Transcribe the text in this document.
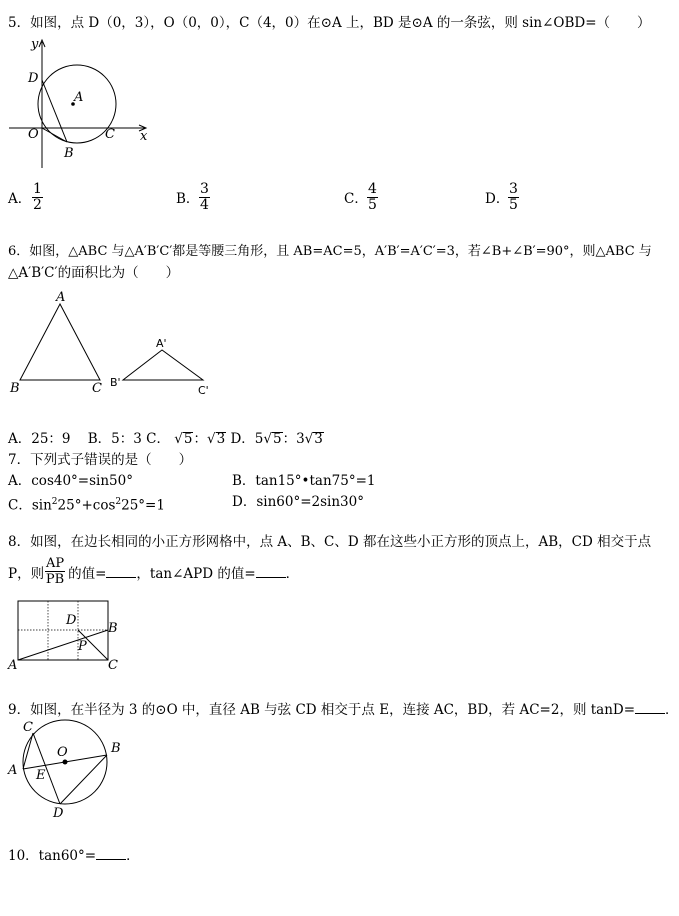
5．如图，点 D（0，3），O（0，0），C（4，0）在⊙A 上，BD 是⊙A 的一条弦，则 sin∠OBD=（　　）
y
D
A
O	C x
B
A． $\frac{1}{2}$	B． $\frac{3}{4}$	C． $\frac{4}{5}$	D．
$\frac{3}{5}$
6．如图，△ABC 与△A′B′C′都是等腰三角形，且 AB=AC=5，A′B′=A′C′=3，若∠B+∠B′=90°，则△ABC 与
△A′B′C′的面积比为（　　）
A
B	C
A'
B'
C'
A．25：9 B．5：3 C． √5：√3 D．5√5：3√3
7．下列式子错误的是（　　）
A．cos40°=sin50°	B．tan15°•tan75°=1
C．$\sin^225^\circ+\cos^225^\circ=1$	D．sin60°=2sin30°
8．如图，在边长相同的小正方形网格中，点 A、B、C、D 都在这些小正方形的顶点上，AB，CD 相交于点
P，则 的值= ，tan∠APD 的值= ．
$\frac{AP}{PB}$
D
B
P
A	C
9．如图，在半径为 3 的⊙O 中，直径 AB 与弦 CD 相交于点 E，连接 AC，BD，若 AC=2，则 tanD= ．
C
O	B
A E
D
10．tan60°= ．
